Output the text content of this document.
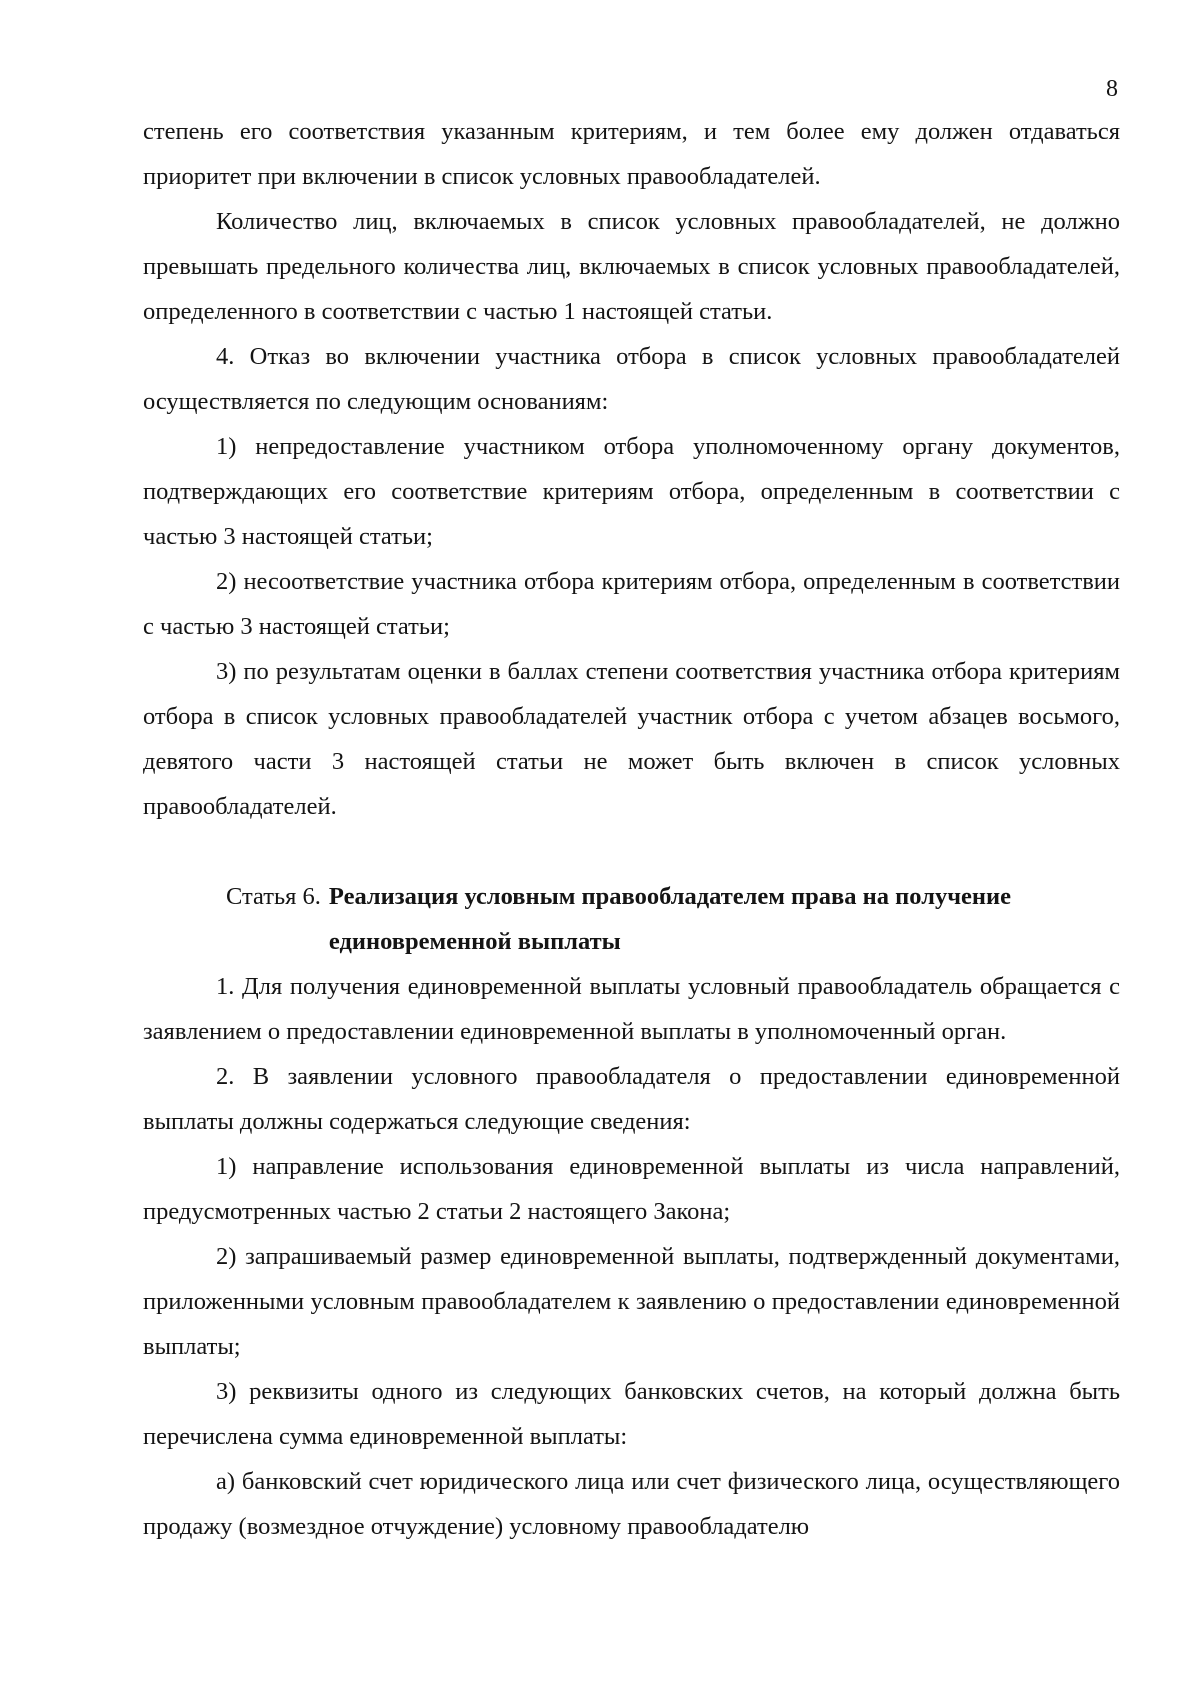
8

степень его соответствия указанным критериям, и тем более ему должен отдаваться приоритет при включении в список условных правообладателей.

Количество лиц, включаемых в список условных правообладателей, не должно превышать предельного количества лиц, включаемых в список условных правообладателей, определенного в соответствии с частью 1 настоящей статьи.

4. Отказ во включении участника отбора в список условных правообладателей осуществляется по следующим основаниям:

1) непредоставление участником отбора уполномоченному органу документов, подтверждающих его соответствие критериям отбора, определенным в соответствии с частью 3 настоящей статьи;

2) несоответствие участника отбора критериям отбора, определенным в соответствии с частью 3 настоящей статьи;

3) по результатам оценки в баллах степени соответствия участника отбора критериям отбора в список условных правообладателей участник отбора с учетом абзацев восьмого, девятого части 3 настоящей статьи не может быть включен в список условных правообладателей.

Статья 6. Реализация условным правообладателем права на получение единовременной выплаты

1. Для получения единовременной выплаты условный правообладатель обращается с заявлением о предоставлении единовременной выплаты в уполномоченный орган.

2. В заявлении условного правообладателя о предоставлении единовременной выплаты должны содержаться следующие сведения:

1) направление использования единовременной выплаты из числа направлений, предусмотренных частью 2 статьи 2 настоящего Закона;

2) запрашиваемый размер единовременной выплаты, подтвержденный документами, приложенными условным правообладателем к заявлению о предоставлении единовременной выплаты;

3) реквизиты одного из следующих банковских счетов, на который должна быть перечислена сумма единовременной выплаты:

а) банковский счет юридического лица или счет физического лица, осуществляющего продажу (возмездное отчуждение) условному правообладателю
